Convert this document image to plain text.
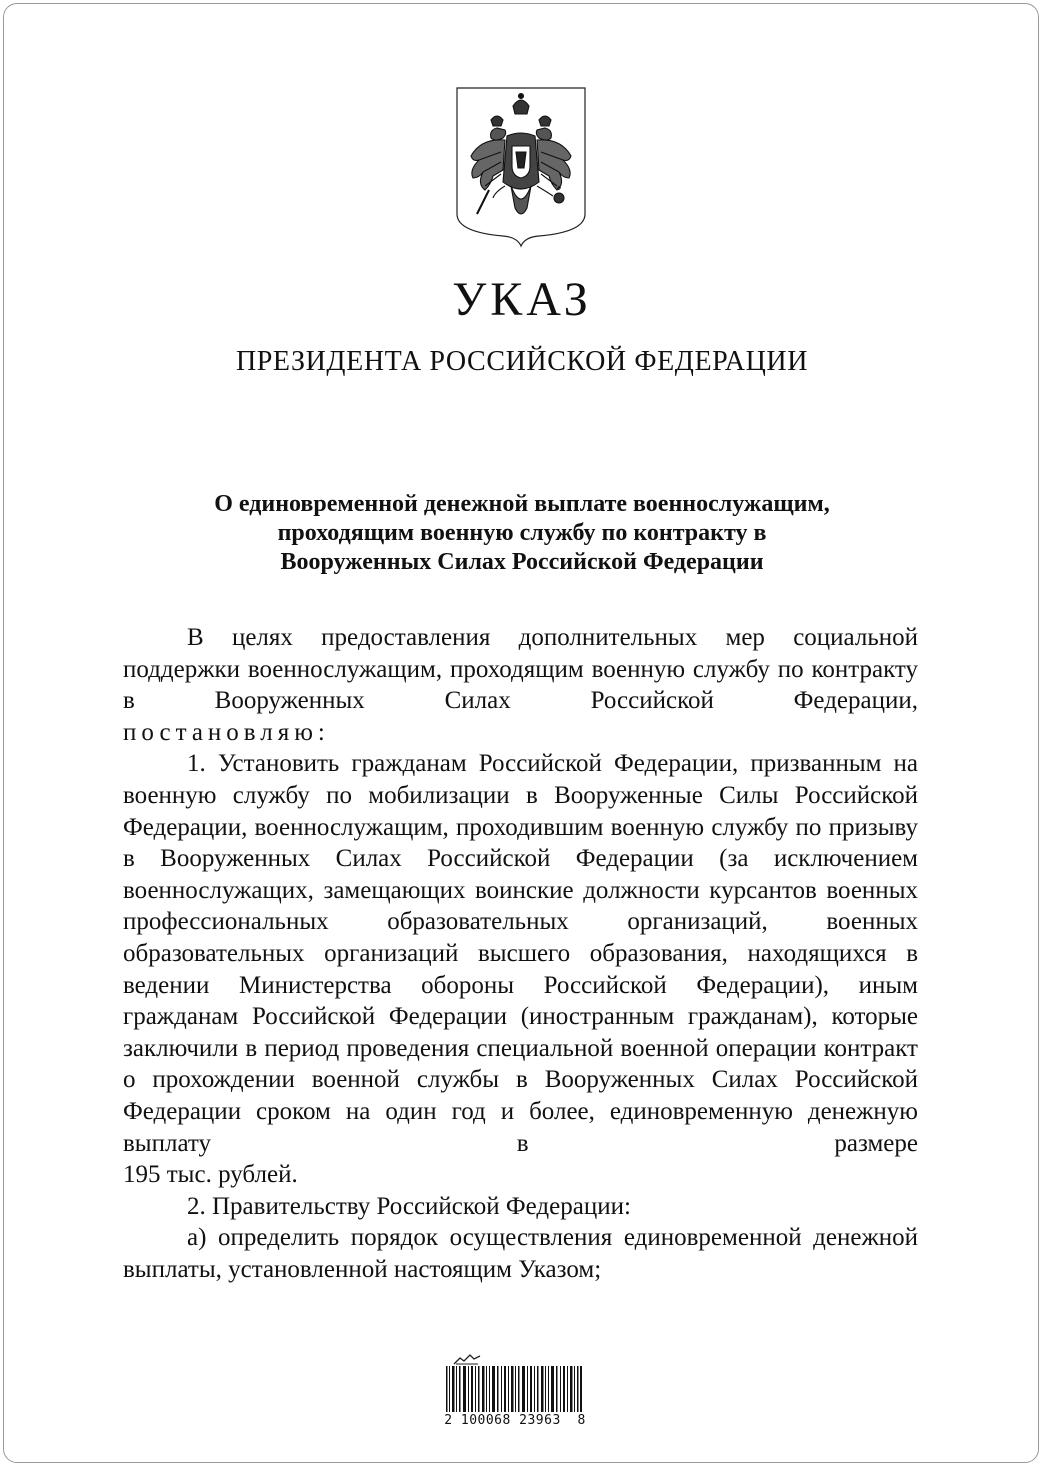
УКАЗ
ПРЕЗИДЕНТА РОССИЙСКОЙ ФЕДЕРАЦИИ
О единовременной денежной выплате военнослужащим,
проходящим военную службу по контракту в
Вооруженных Силах Российской Федерации

В целях предоставления дополнительных мер социальной поддержки военнослужащим, проходящим военную службу по контракту в Вооруженных Силах Российской Федерации,

постановляю:

1. Установить гражданам Российской Федерации, призванным на военную службу по мобилизации в Вооруженные Силы Российской Федерации, военнослужащим, проходившим военную службу по призыву в Вооруженных Силах Российской Федерации (за исключением военнослужащих, замещающих воинские должности курсантов военных профессиональных образовательных организаций, военных образовательных организаций высшего образования, находящихся в ведении Министерства обороны Российской Федерации), иным гражданам Российской Федерации (иностранным гражданам), которые заключили в период проведения специальной военной операции контракт о прохождении военной службы в Вооруженных Силах Российской Федерации сроком на один год и более, единовременную денежную выплату в размере

195 тыс. рублей.

2. Правительству Российской Федерации:

а) определить порядок осуществления единовременной денежной выплаты, установленной настоящим Указом;

2 100068 23963  8
